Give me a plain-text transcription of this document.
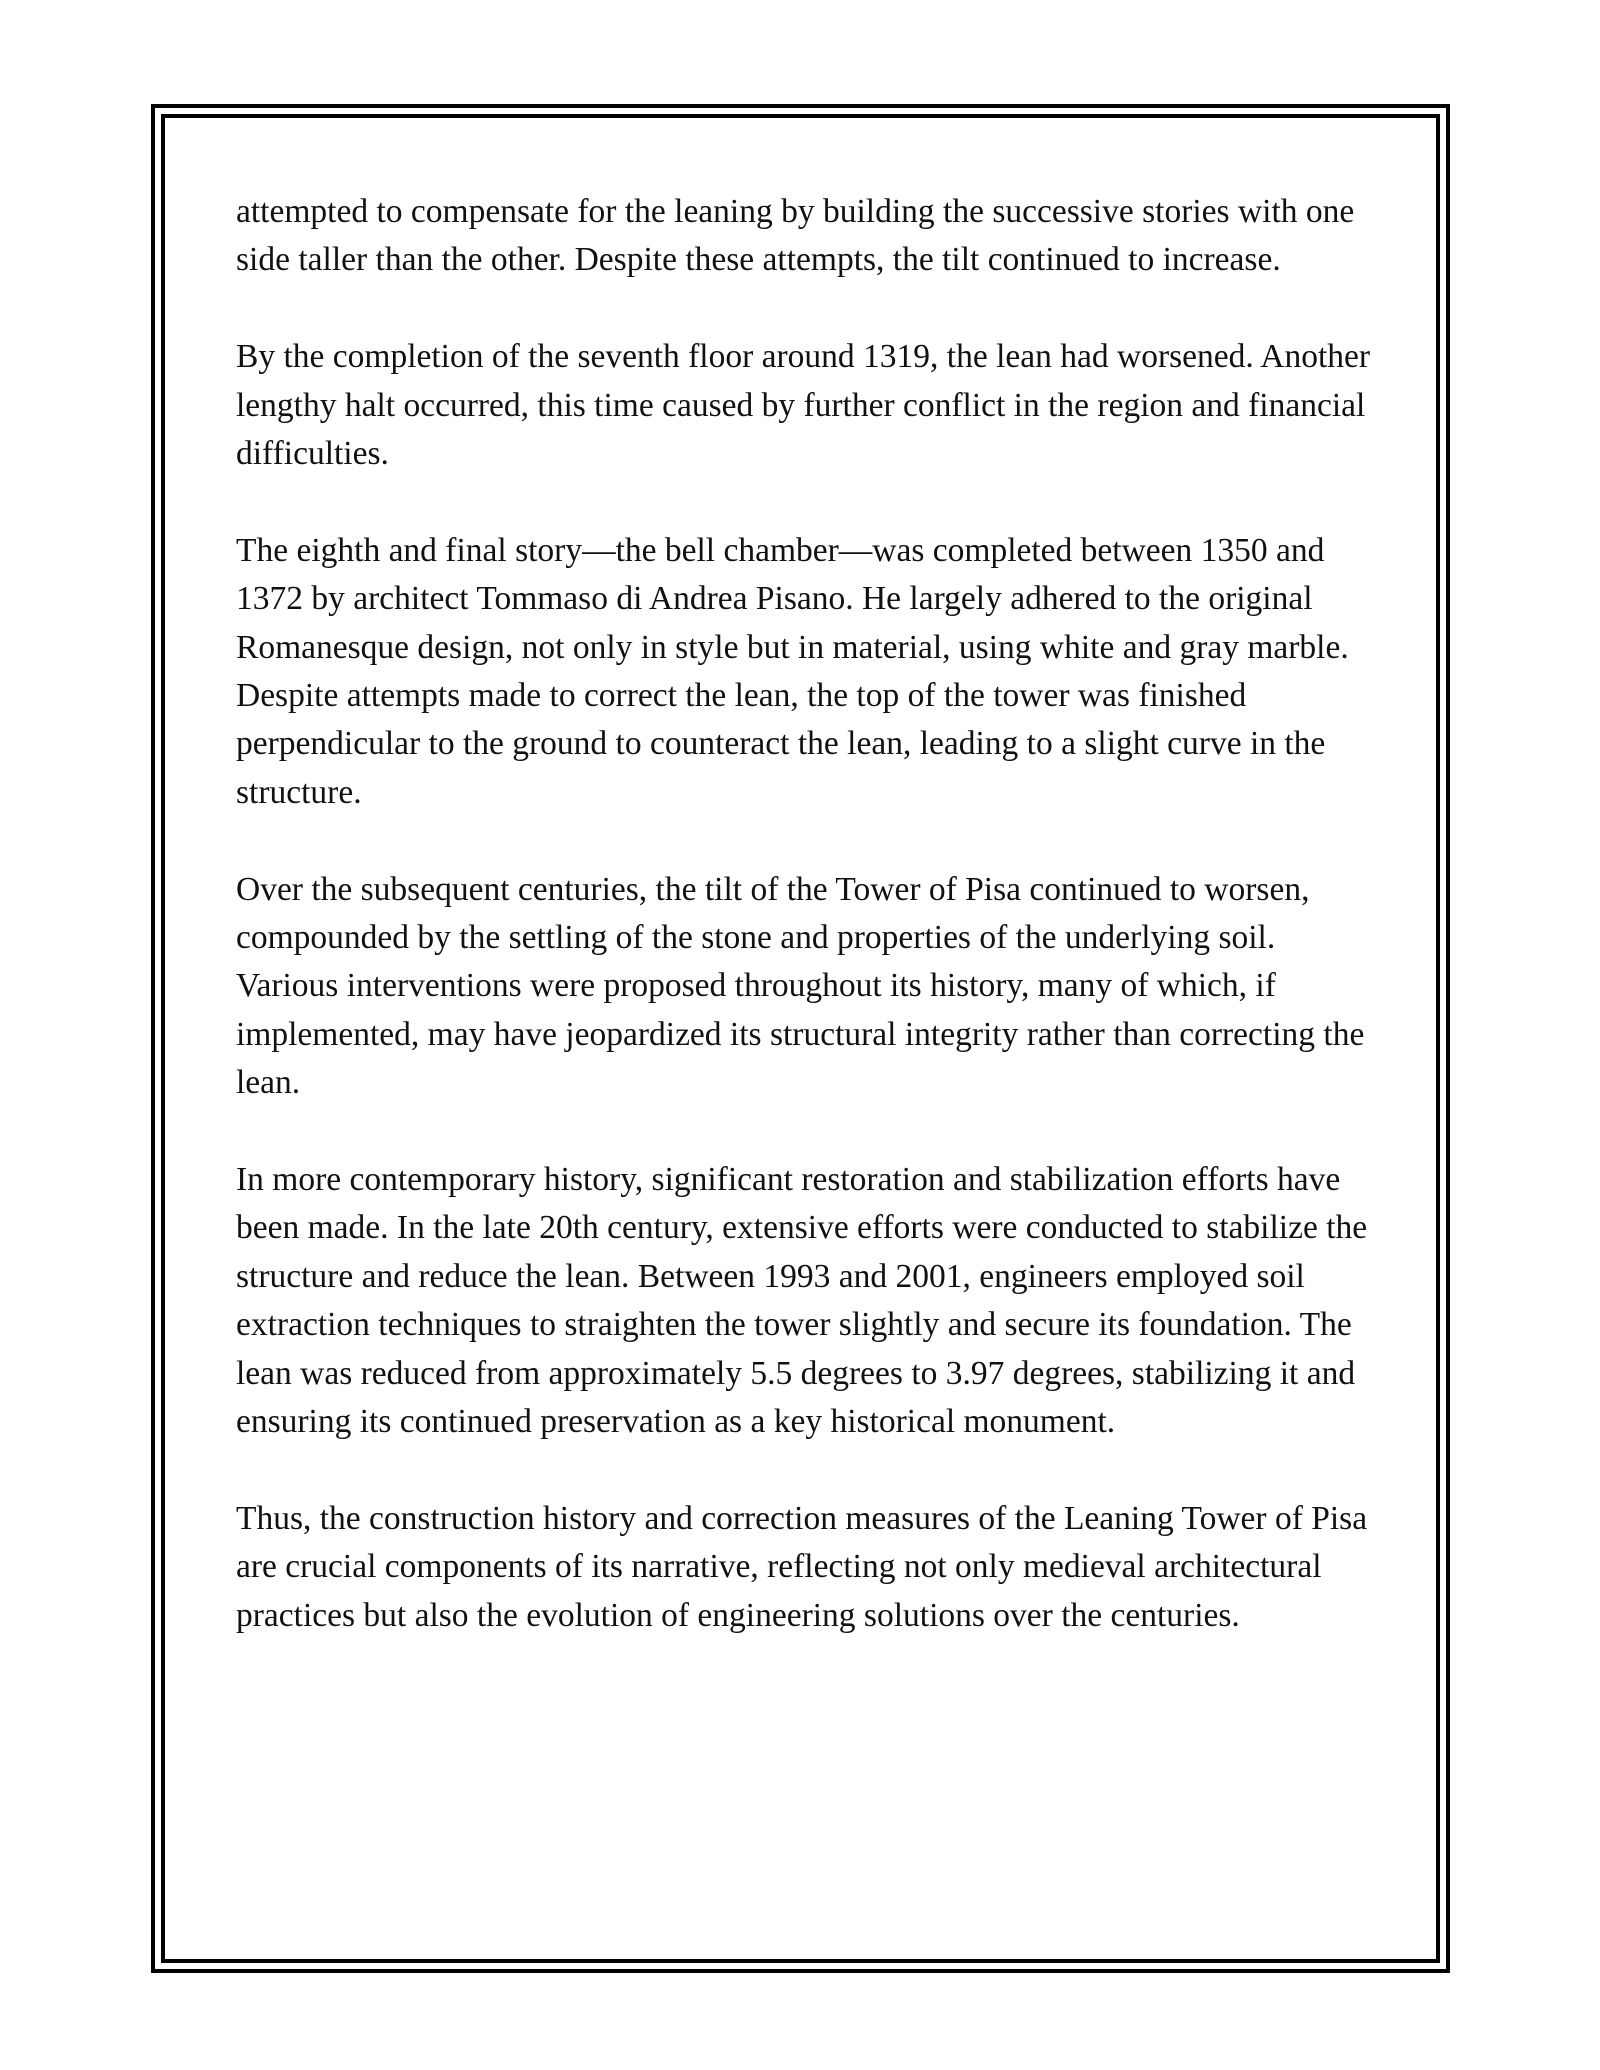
attempted to compensate for the leaning by building the successive stories with one side taller than the other. Despite these attempts, the tilt continued to increase.

By the completion of the seventh floor around 1319, the lean had worsened. Another lengthy halt occurred, this time caused by further conflict in the region and financial difficulties.

The eighth and final story—the bell chamber—was completed between 1350 and 1372 by architect Tommaso di Andrea Pisano. He largely adhered to the original Romanesque design, not only in style but in material, using white and gray marble. Despite attempts made to correct the lean, the top of the tower was finished perpendicular to the ground to counteract the lean, leading to a slight curve in the structure.

Over the subsequent centuries, the tilt of the Tower of Pisa continued to worsen, compounded by the settling of the stone and properties of the underlying soil. Various interventions were proposed throughout its history, many of which, if implemented, may have jeopardized its structural integrity rather than correcting the lean.

In more contemporary history, significant restoration and stabilization efforts have been made. In the late 20th century, extensive efforts were conducted to stabilize the structure and reduce the lean. Between 1993 and 2001, engineers employed soil extraction techniques to straighten the tower slightly and secure its foundation. The lean was reduced from approximately 5.5 degrees to 3.97 degrees, stabilizing it and ensuring its continued preservation as a key historical monument.

Thus, the construction history and correction measures of the Leaning Tower of Pisa are crucial components of its narrative, reflecting not only medieval architectural practices but also the evolution of engineering solutions over the centuries.
